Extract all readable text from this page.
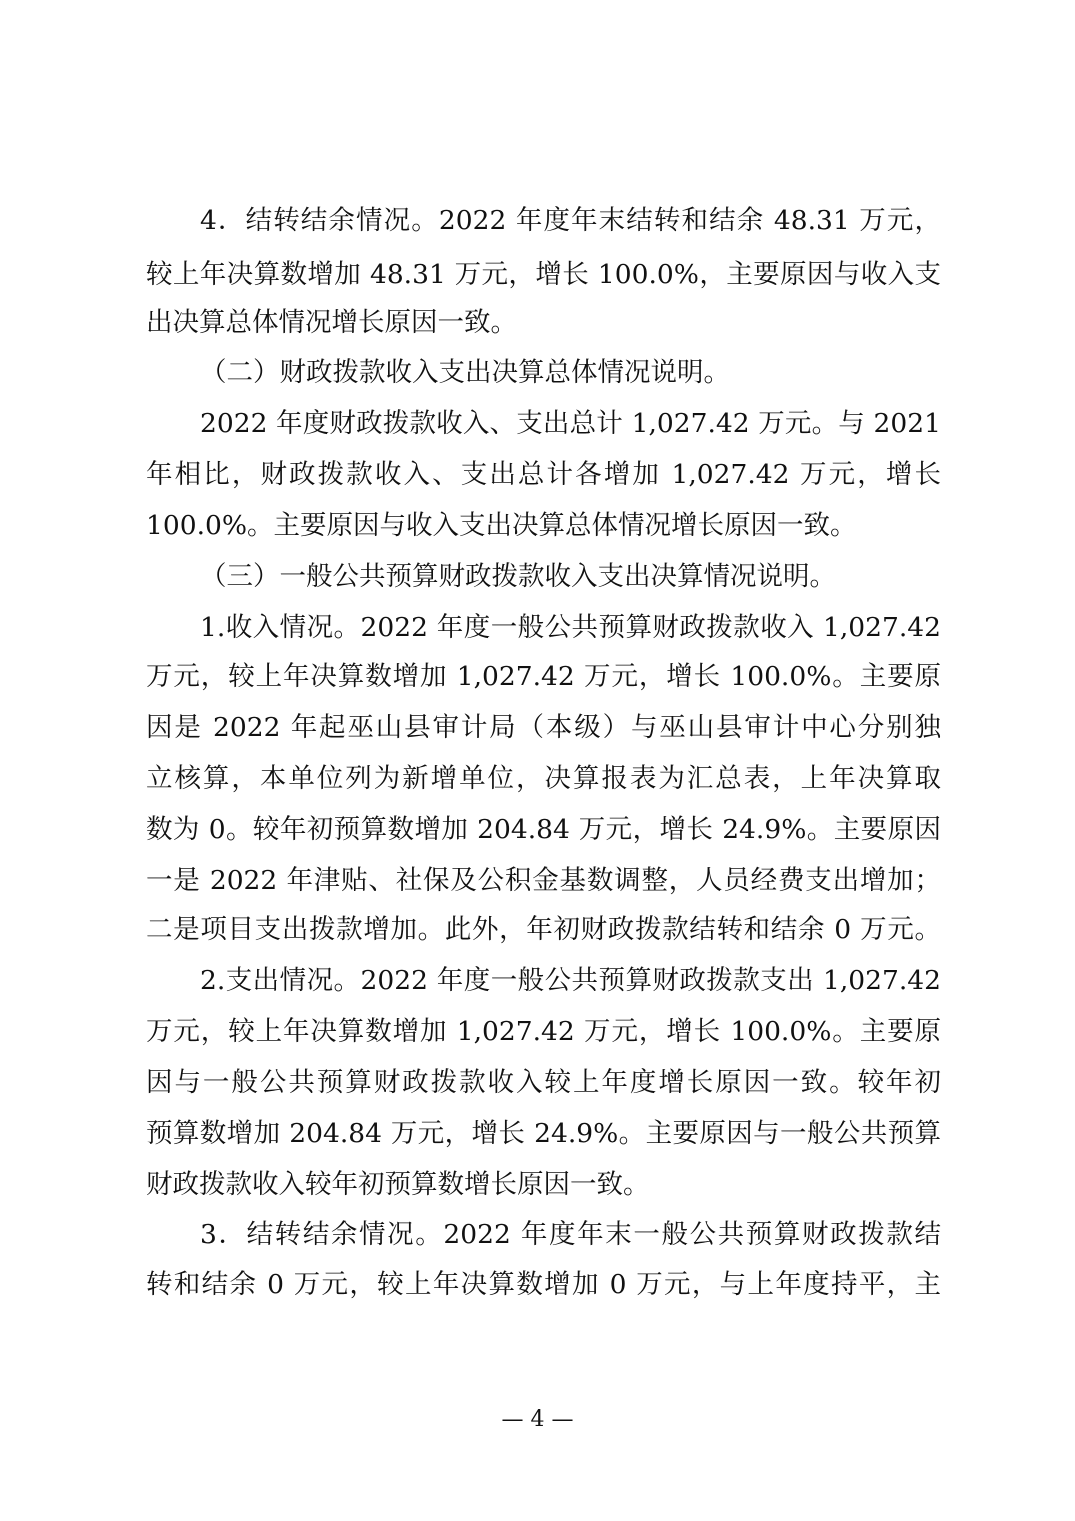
4．结转结余情况。2022 年度年末结转和结余 48.31 万元，
较上年决算数增加 48.31 万元，增长 100.0%，主要原因与收入支
出决算总体情况增长原因一致。
（二）财政拨款收入支出决算总体情况说明。
2022 年度财政拨款收入、支出总计 1,027.42 万元。与 2021
年相比，财政拨款收入、支出总计各增加 1,027.42 万元，增长
100.0%。主要原因与收入支出决算总体情况增长原因一致。
（三）一般公共预算财政拨款收入支出决算情况说明。
1.收入情况。2022 年度一般公共预算财政拨款收入 1,027.42
万元，较上年决算数增加 1,027.42 万元，增长 100.0%。主要原
因是 2022 年起巫山县审计局（本级）与巫山县审计中心分别独
立核算，本单位列为新增单位，决算报表为汇总表，上年决算取
数为 0。较年初预算数增加 204.84 万元，增长 24.9%。主要原因
一是 2022 年津贴、社保及公积金基数调整，人员经费支出增加；
二是项目支出拨款增加。此外，年初财政拨款结转和结余 0 万元。
2.支出情况。2022 年度一般公共预算财政拨款支出 1,027.42
万元，较上年决算数增加 1,027.42 万元，增长 100.0%。主要原
因与一般公共预算财政拨款收入较上年度增长原因一致。较年初
预算数增加 204.84 万元，增长 24.9%。主要原因与一般公共预算
财政拨款收入较年初预算数增长原因一致。
3．结转结余情况。2022 年度年末一般公共预算财政拨款结
转和结余 0 万元，较上年决算数增加 0 万元，与上年度持平，主
— 4 —
